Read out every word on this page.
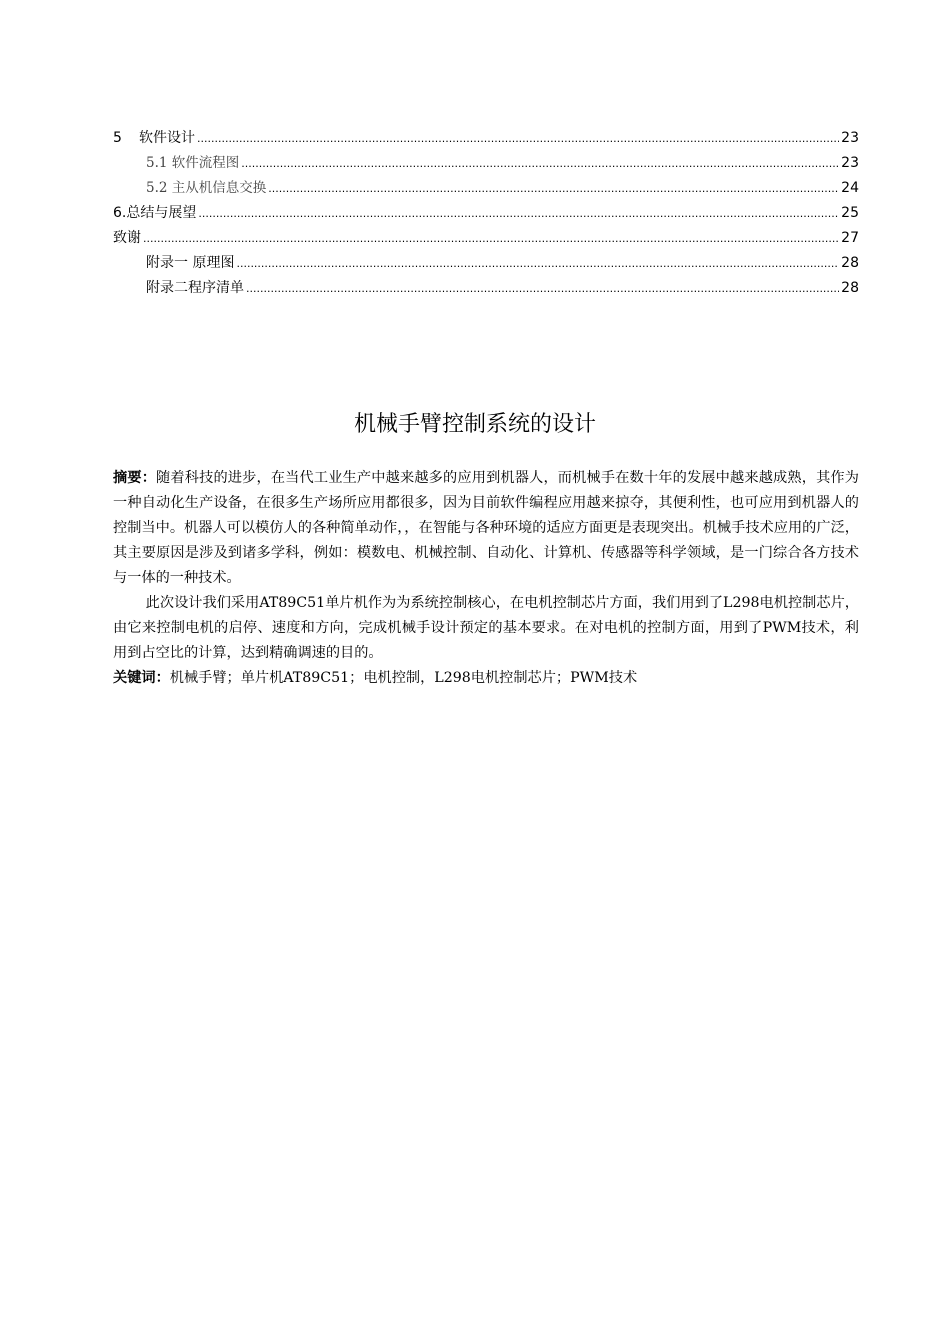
5 软件设计 .....	23
5.1 软件流程图 .....	23
5.2 主从机信息交换 .....	24
6.总结与展望 .....	25
致谢 .....	27
附录一 原理图 .....	28
附录二程序清单 .....	28
机械手臂控制系统的设计

摘要：随着科技的进步，在当代工业生产中越来越多的应用到机器人，而机械手在数十年的发展中越来越成熟，其作为一种自动化生产设备，在很多生产场所应用都很多，因为目前软件编程应用越来掠夺，其便利性，也可应用到机器人的控制当中。机器人可以模仿人的各种简单动作，，在智能与各种环境的适应方面更是表现突出。机械手技术应用的广泛，其主要原因是涉及到诸多学科，例如：模数电、机械控制、自动化、计算机、传感器等科学领域，是一门综合各方技术与一体的一种技术。

此次设计我们采用AT89C51单片机作为为系统控制核心，在电机控制芯片方面，我们用到了L298电机控制芯片，由它来控制电机的启停、速度和方向，完成机械手设计预定的基本要求。在对电机的控制方面，用到了PWM技术，利用到占空比的计算，达到精确调速的目的。

关键词：机械手臂；单片机AT89C51；电机控制，L298电机控制芯片；PWM技术
